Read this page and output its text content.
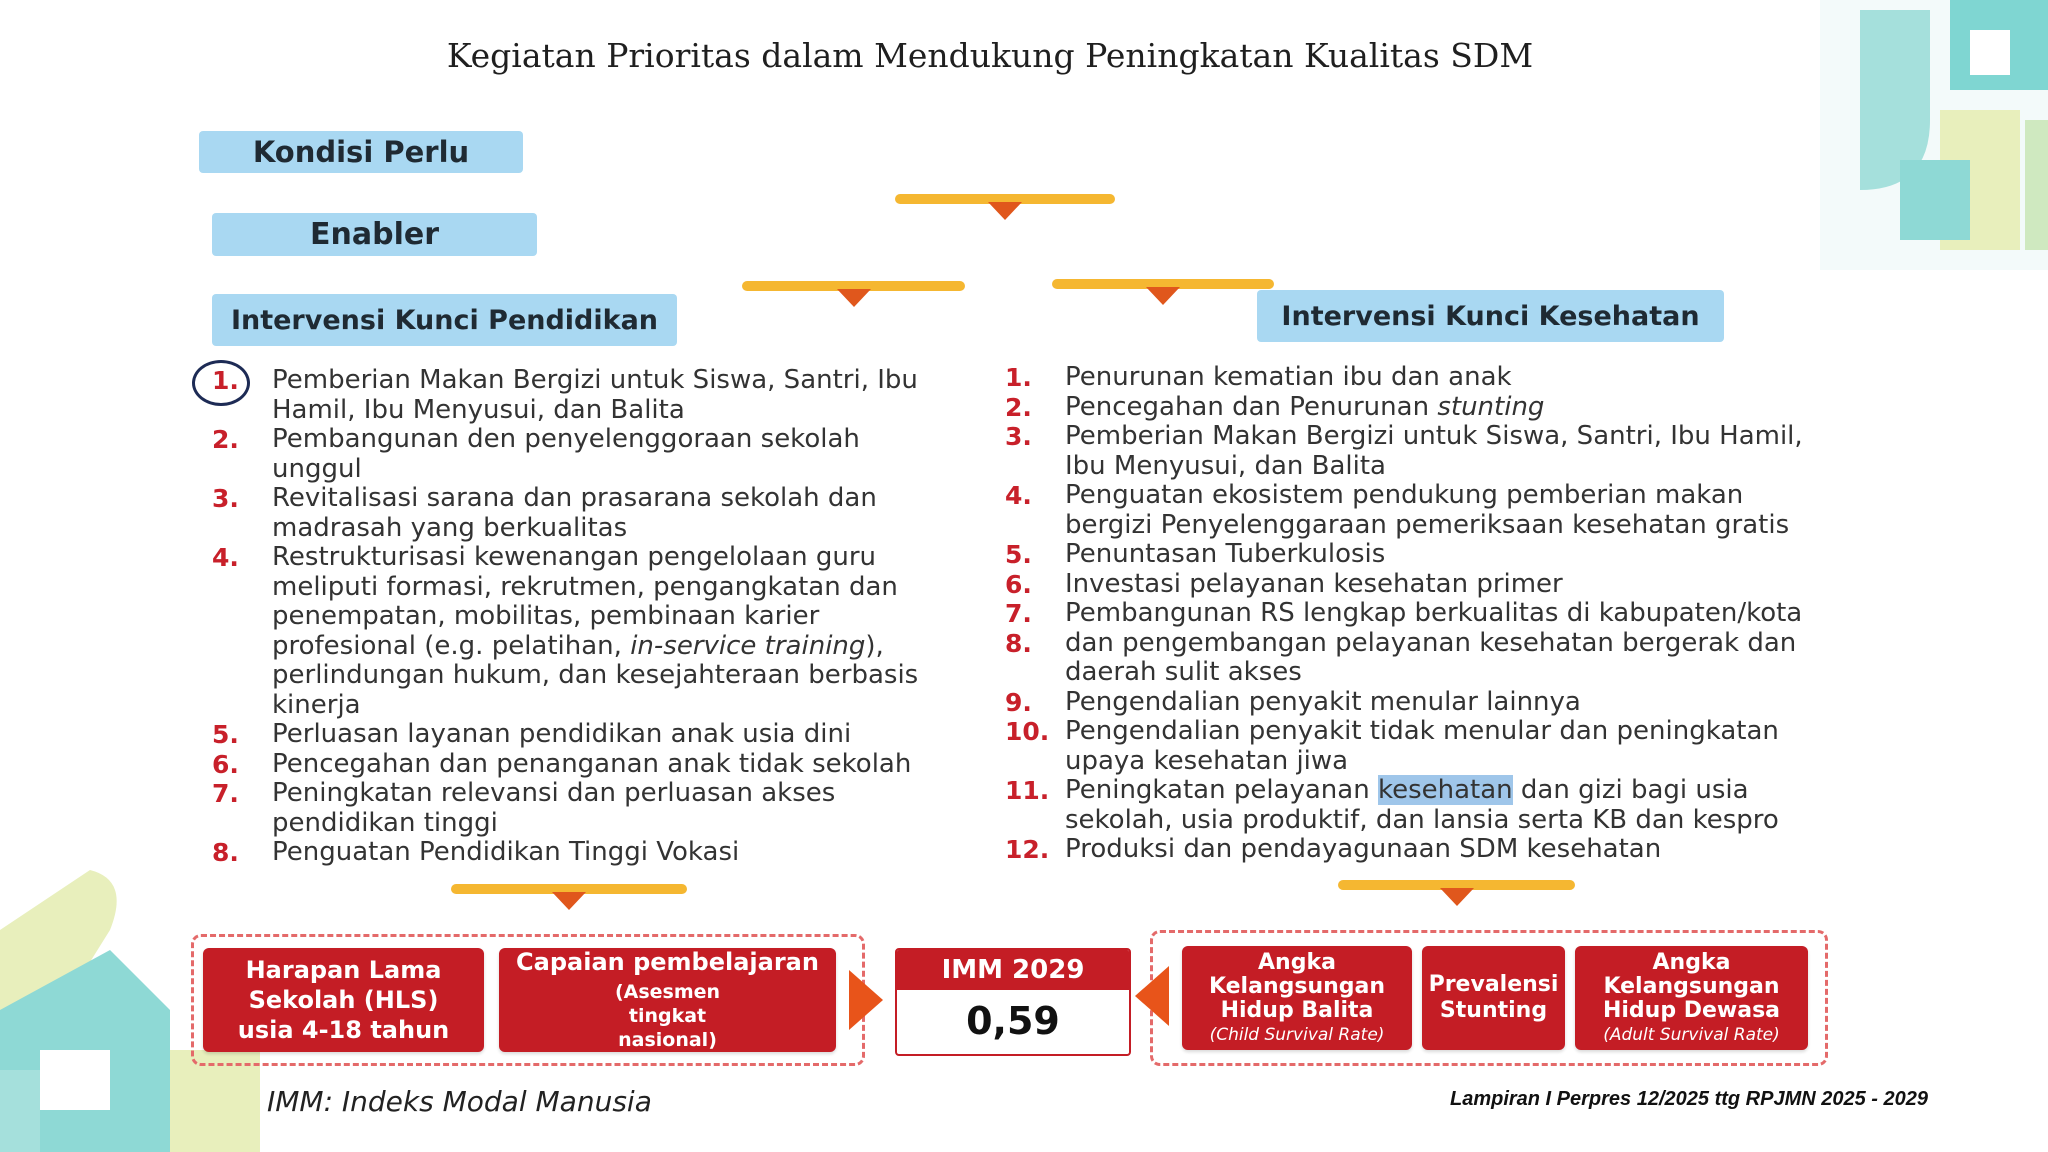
Kegiatan Prioritas dalam Mendukung Peningkatan Kualitas SDM
Kondisi Perlu
Enabler
Intervensi Kunci Pendidikan	Intervensi Kunci Kesehatan
1. Pemberian Makan Bergizi untuk Siswa, Santri, Ibu Hamil, Ibu Menyusui, dan Balita
2. Pembangunan den penyelenggoraan sekolah unggul
3. Revitalisasi sarana dan prasarana sekolah dan madrasah yang berkualitas
4. Restrukturisasi kewenangan pengelolaan guru meliputi formasi, rekrutmen, pengangkatan dan penempatan, mobilitas, pembinaan karier profesional (e.g. pelatihan, in-service training), perlindungan hukum, dan kesejahteraan berbasis kinerja
5. Perluasan layanan pendidikan anak usia dini
6. Pencegahan dan penanganan anak tidak sekolah
7. Peningkatan relevansi dan perluasan akses pendidikan tinggi
8. Penguatan Pendidikan Tinggi Vokasi
1. Penurunan kematian ibu dan anak
2. Pencegahan dan Penurunan stunting
3. Pemberian Makan Bergizi untuk Siswa, Santri, Ibu Hamil, Ibu Menyusui, dan Balita
4. Penguatan ekosistem pendukung pemberian makan bergizi Penyelenggaraan pemeriksaan kesehatan gratis
5. Penuntasan Tuberkulosis
6. Investasi pelayanan kesehatan primer
7. Pembangunan RS lengkap berkualitas di kabupaten/kota
8. dan pengembangan pelayanan kesehatan bergerak dan daerah sulit akses
9. Pengendalian penyakit menular lainnya
10. Pengendalian penyakit tidak menular dan peningkatan upaya kesehatan jiwa
11. Peningkatan pelayanan kesehatan dan gizi bagi usia sekolah, usia produktif, dan lansia serta KB dan kespro
12. Produksi dan pendayagunaan SDM kesehatan
Harapan Lama Sekolah (HLS) usia 4-18 tahun
Capaian pembelajaran
(Asesmen tingkat nasional)
IMM 2029
0,59
Angka Kelangsungan Hidup Balita
(Child Survival Rate)
Prevalensi Stunting
Angka Kelangsungan Hidup Dewasa
(Adult Survival Rate)
IMM: Indeks Modal Manusia	Lampiran I Perpres 12/2025 ttg RPJMN 2025 - 2029
